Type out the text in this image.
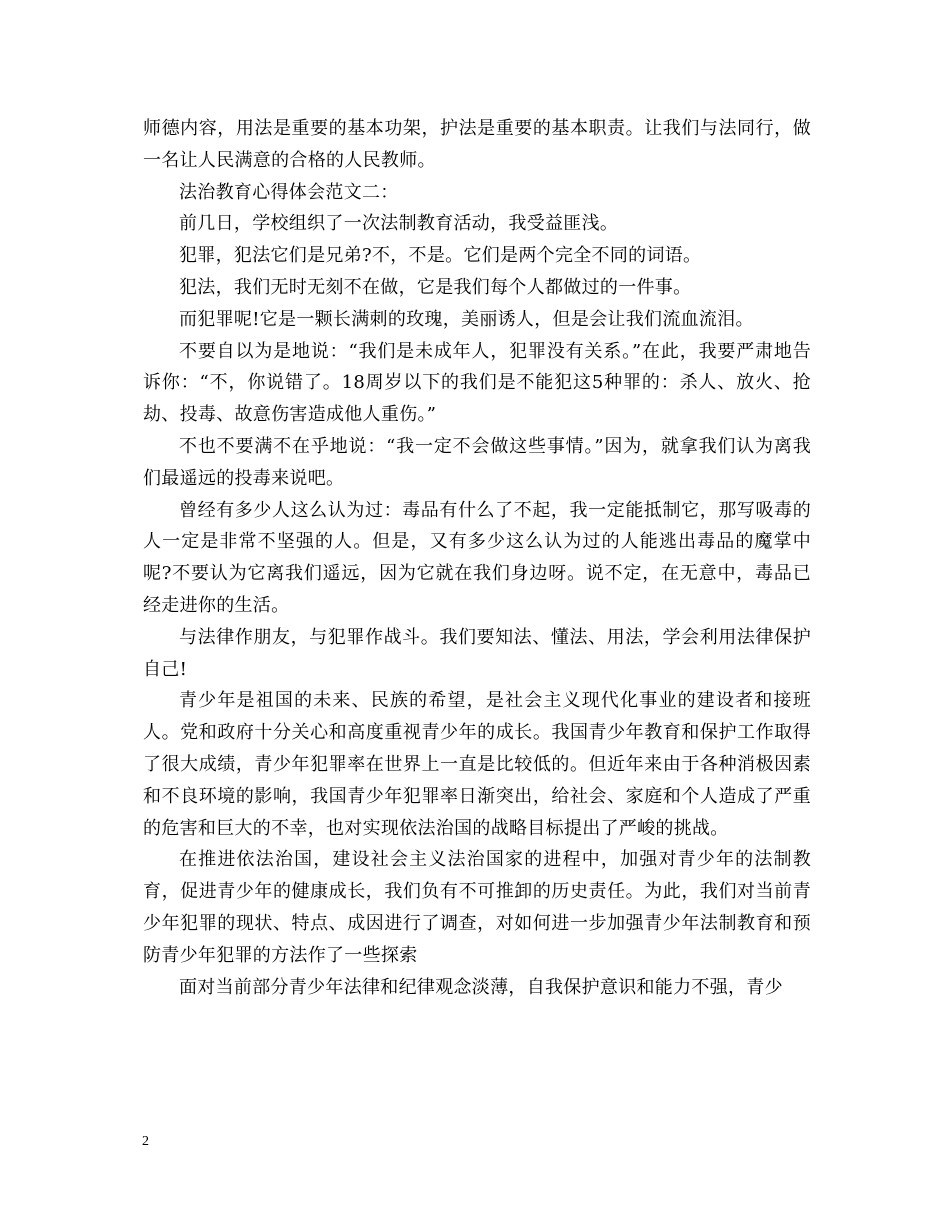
师德内容，用法是重要的基本功架，护法是重要的基本职责。让我们与法同行，做一名让人民满意的合格的人民教师。

法治教育心得体会范文二：

前几日，学校组织了一次法制教育活动，我受益匪浅。

犯罪，犯法它们是兄弟?不，不是。它们是两个完全不同的词语。

犯法，我们无时无刻不在做，它是我们每个人都做过的一件事。

而犯罪呢!它是一颗长满刺的玫瑰，美丽诱人，但是会让我们流血流泪。

不要自以为是地说：“我们是未成年人，犯罪没有关系。”在此，我要严肃地告诉你：“不，你说错了。18周岁以下的我们是不能犯这5种罪的：杀人、放火、抢劫、投毒、故意伤害造成他人重伤。”

不也不要满不在乎地说：“我一定不会做这些事情。”因为，就拿我们认为离我们最遥远的投毒来说吧。

曾经有多少人这么认为过：毒品有什么了不起，我一定能抵制它，那写吸毒的人一定是非常不坚强的人。但是，又有多少这么认为过的人能逃出毒品的魔掌中呢?不要认为它离我们遥远，因为它就在我们身边呀。说不定，在无意中，毒品已经走进你的生活。

与法律作朋友，与犯罪作战斗。我们要知法、懂法、用法，学会利用法律保护自己!

青少年是祖国的未来、民族的希望，是社会主义现代化事业的建设者和接班人。党和政府十分关心和高度重视青少年的成长。我国青少年教育和保护工作取得了很大成绩，青少年犯罪率在世界上一直是比较低的。但近年来由于各种消极因素和不良环境的影响，我国青少年犯罪率日渐突出，给社会、家庭和个人造成了严重的危害和巨大的不幸，也对实现依法治国的战略目标提出了严峻的挑战。

在推进依法治国，建设社会主义法治国家的进程中，加强对青少年的法制教育，促进青少年的健康成长，我们负有不可推卸的历史责任。为此，我们对当前青少年犯罪的现状、特点、成因进行了调查，对如何进一步加强青少年法制教育和预防青少年犯罪的方法作了一些探索

面对当前部分青少年法律和纪律观念淡薄，自我保护意识和能力不强，青少

2
